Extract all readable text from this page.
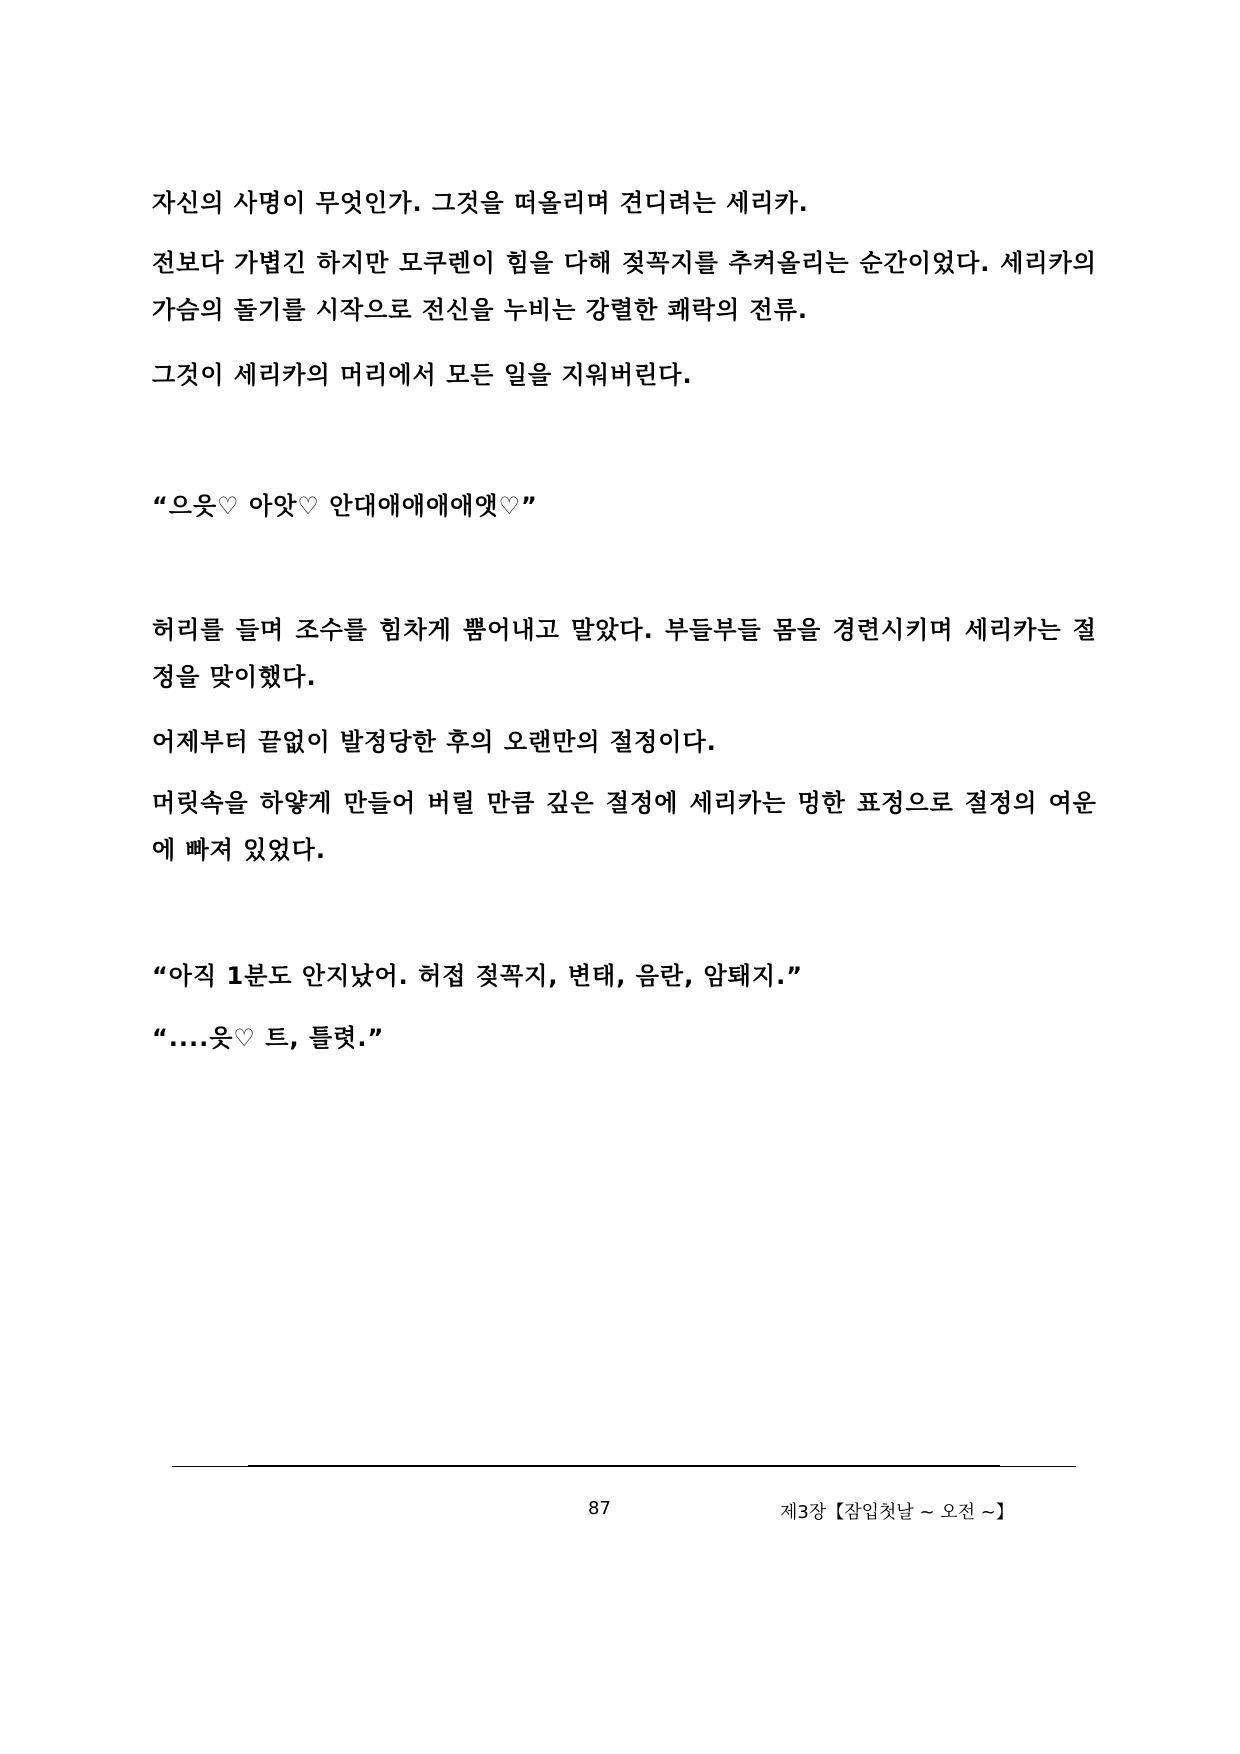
자신의 사명이 무엇인가. 그것을 떠올리며 견디려는 세리카.

전보다 가볍긴 하지만 모쿠렌이 힘을 다해 젖꼭지를 추켜올리는 순간이었다. 세리카의 가슴의 돌기를 시작으로 전신을 누비는 강렬한 쾌락의 전류.

그것이 세리카의 머리에서 모든 일을 지워버린다.

“으읏♡ 아앗♡ 안대애애애애앳♡”

허리를 들며 조수를 힘차게 뿜어내고 말았다. 부들부들 몸을 경련시키며 세리카는 절정을 맞이했다.

어제부터 끝없이 발정당한 후의 오랜만의 절정이다.

머릿속을 하얗게 만들어 버릴 만큼 깊은 절정에 세리카는 멍한 표정으로 절정의 여운에 빠져 있었다.

“아직 1분도 안지났어. 허접 젖꼭지, 변태, 음란, 암퇘지.”

“....읏♡ 트, 틀렷.”

87	제3장【잠입첫날 ~ 오전 ~】
